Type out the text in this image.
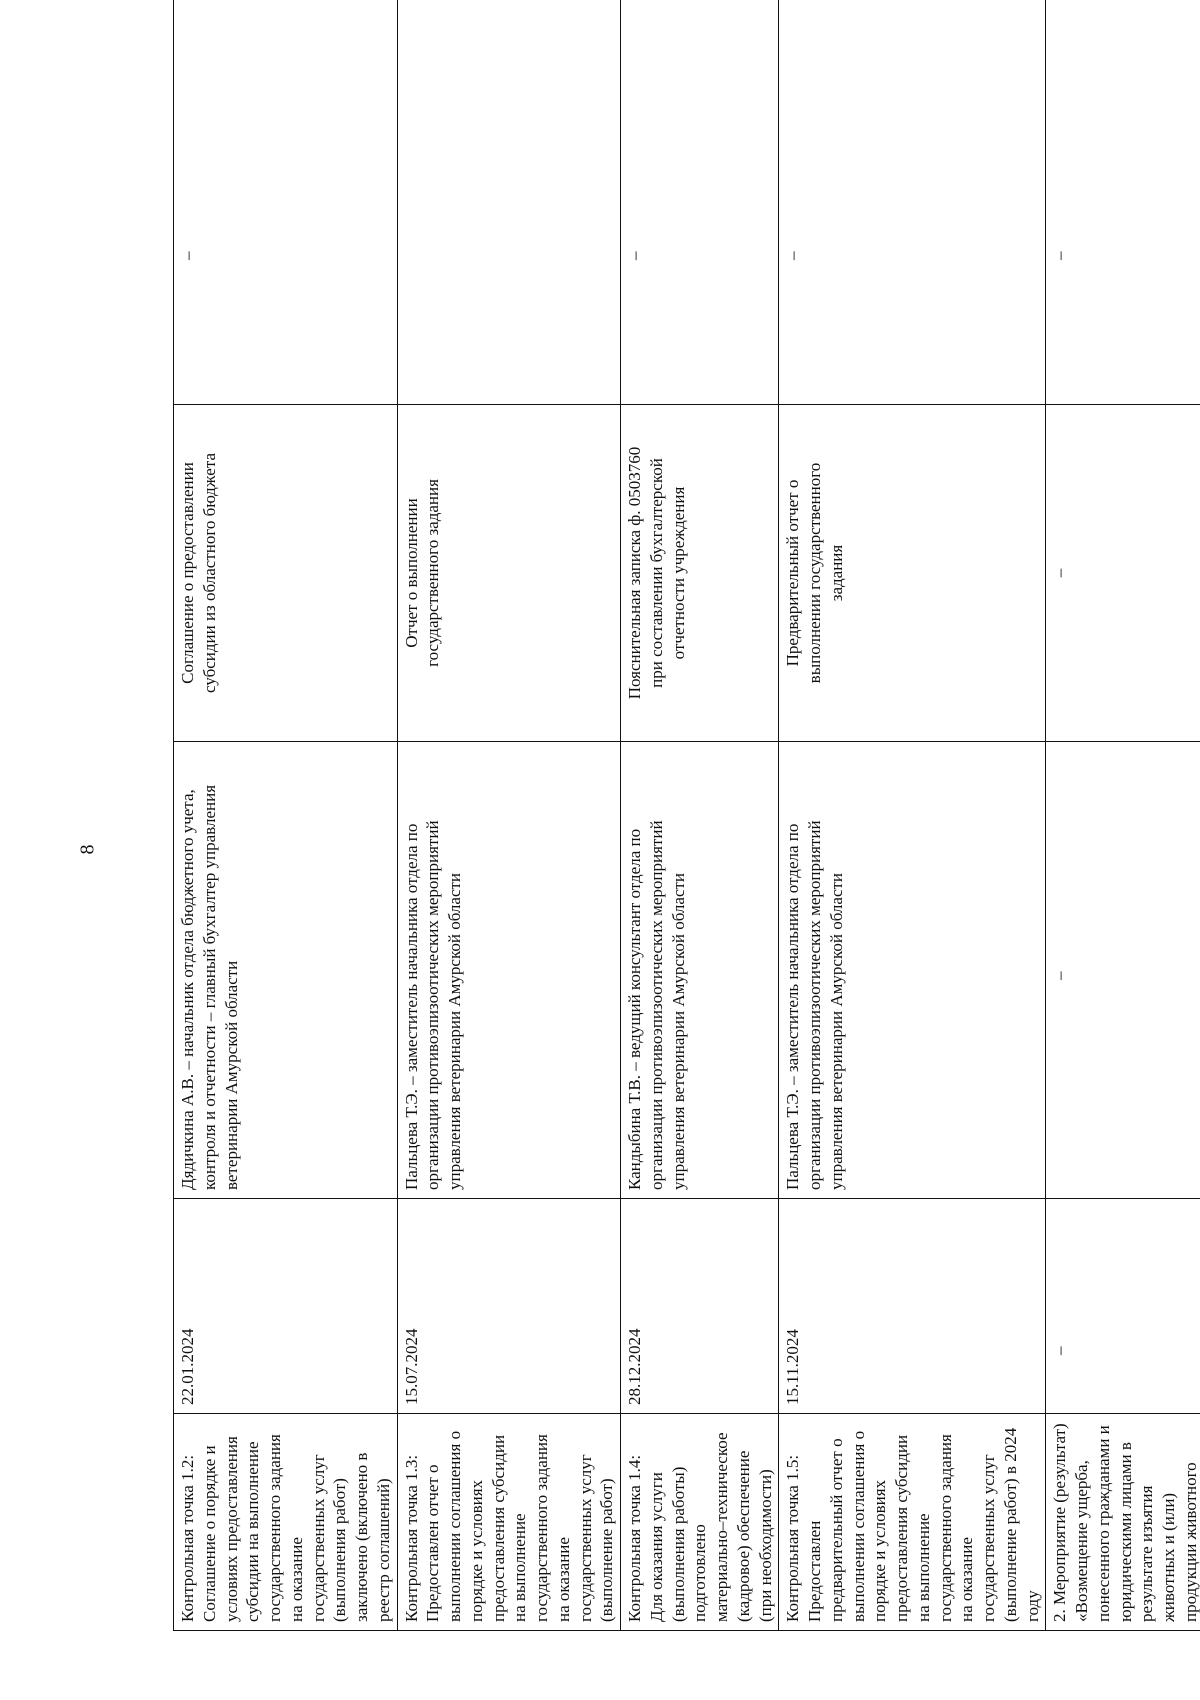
8
Контрольная точка 1.2: Соглашение о порядке и условиях предоставления субсидии на выполнение государственного задания на оказание государственных услуг (выполнения работ) заключено (включено в реестр соглашений)	22.01.2024	Дядичкина А.В. – начальник отдела бюджетного учета, контроля и отчетности – главный бухгалтер управления ветеринарии Амурской области	Соглашение о предоставлении субсидии из областного бюджета	–

Контрольная точка 1.3: Предоставлен отчет о выполнении соглашения о порядке и условиях предоставления субсидии на выполнение государственного задания на оказание государственных услуг (выполнение работ)	15.07.2024	Пальцева Т.Э. – заместитель начальника отдела по организации противоэпизоотических мероприятий управления ветеринарии Амурской области	Отчет о выполнении государственного задания	

Контрольная точка 1.4: Для оказания услуги (выполнения работы) подготовлено материально–техническое (кадровое) обеспечение (при необходимости)	28.12.2024	Кандыбина Т.В. – ведущий консультант отдела по организации противоэпизоотических мероприятий управления ветеринарии Амурской области	Пояснительная записка ф. 0503760 при составлении бухгалтерской отчетности учреждения	–

Контрольная точка 1.5: Предоставлен предварительный отчет о выполнении соглашения о порядке и условиях предоставления субсидии на выполнение государственного задания на оказание государственных услуг (выполнение работ) в 2024 году	15.11.2024	Пальцева Т.Э. – заместитель начальника отдела по организации противоэпизоотических мероприятий управления ветеринарии Амурской области	Предварительный отчет о выполнении государственного задания	–

2. Мероприятие (результат) «Возмещение ущерба, понесенного гражданами и юридическими лицами в результате изъятия животных и (или) продукции животного	–	–	–	–
